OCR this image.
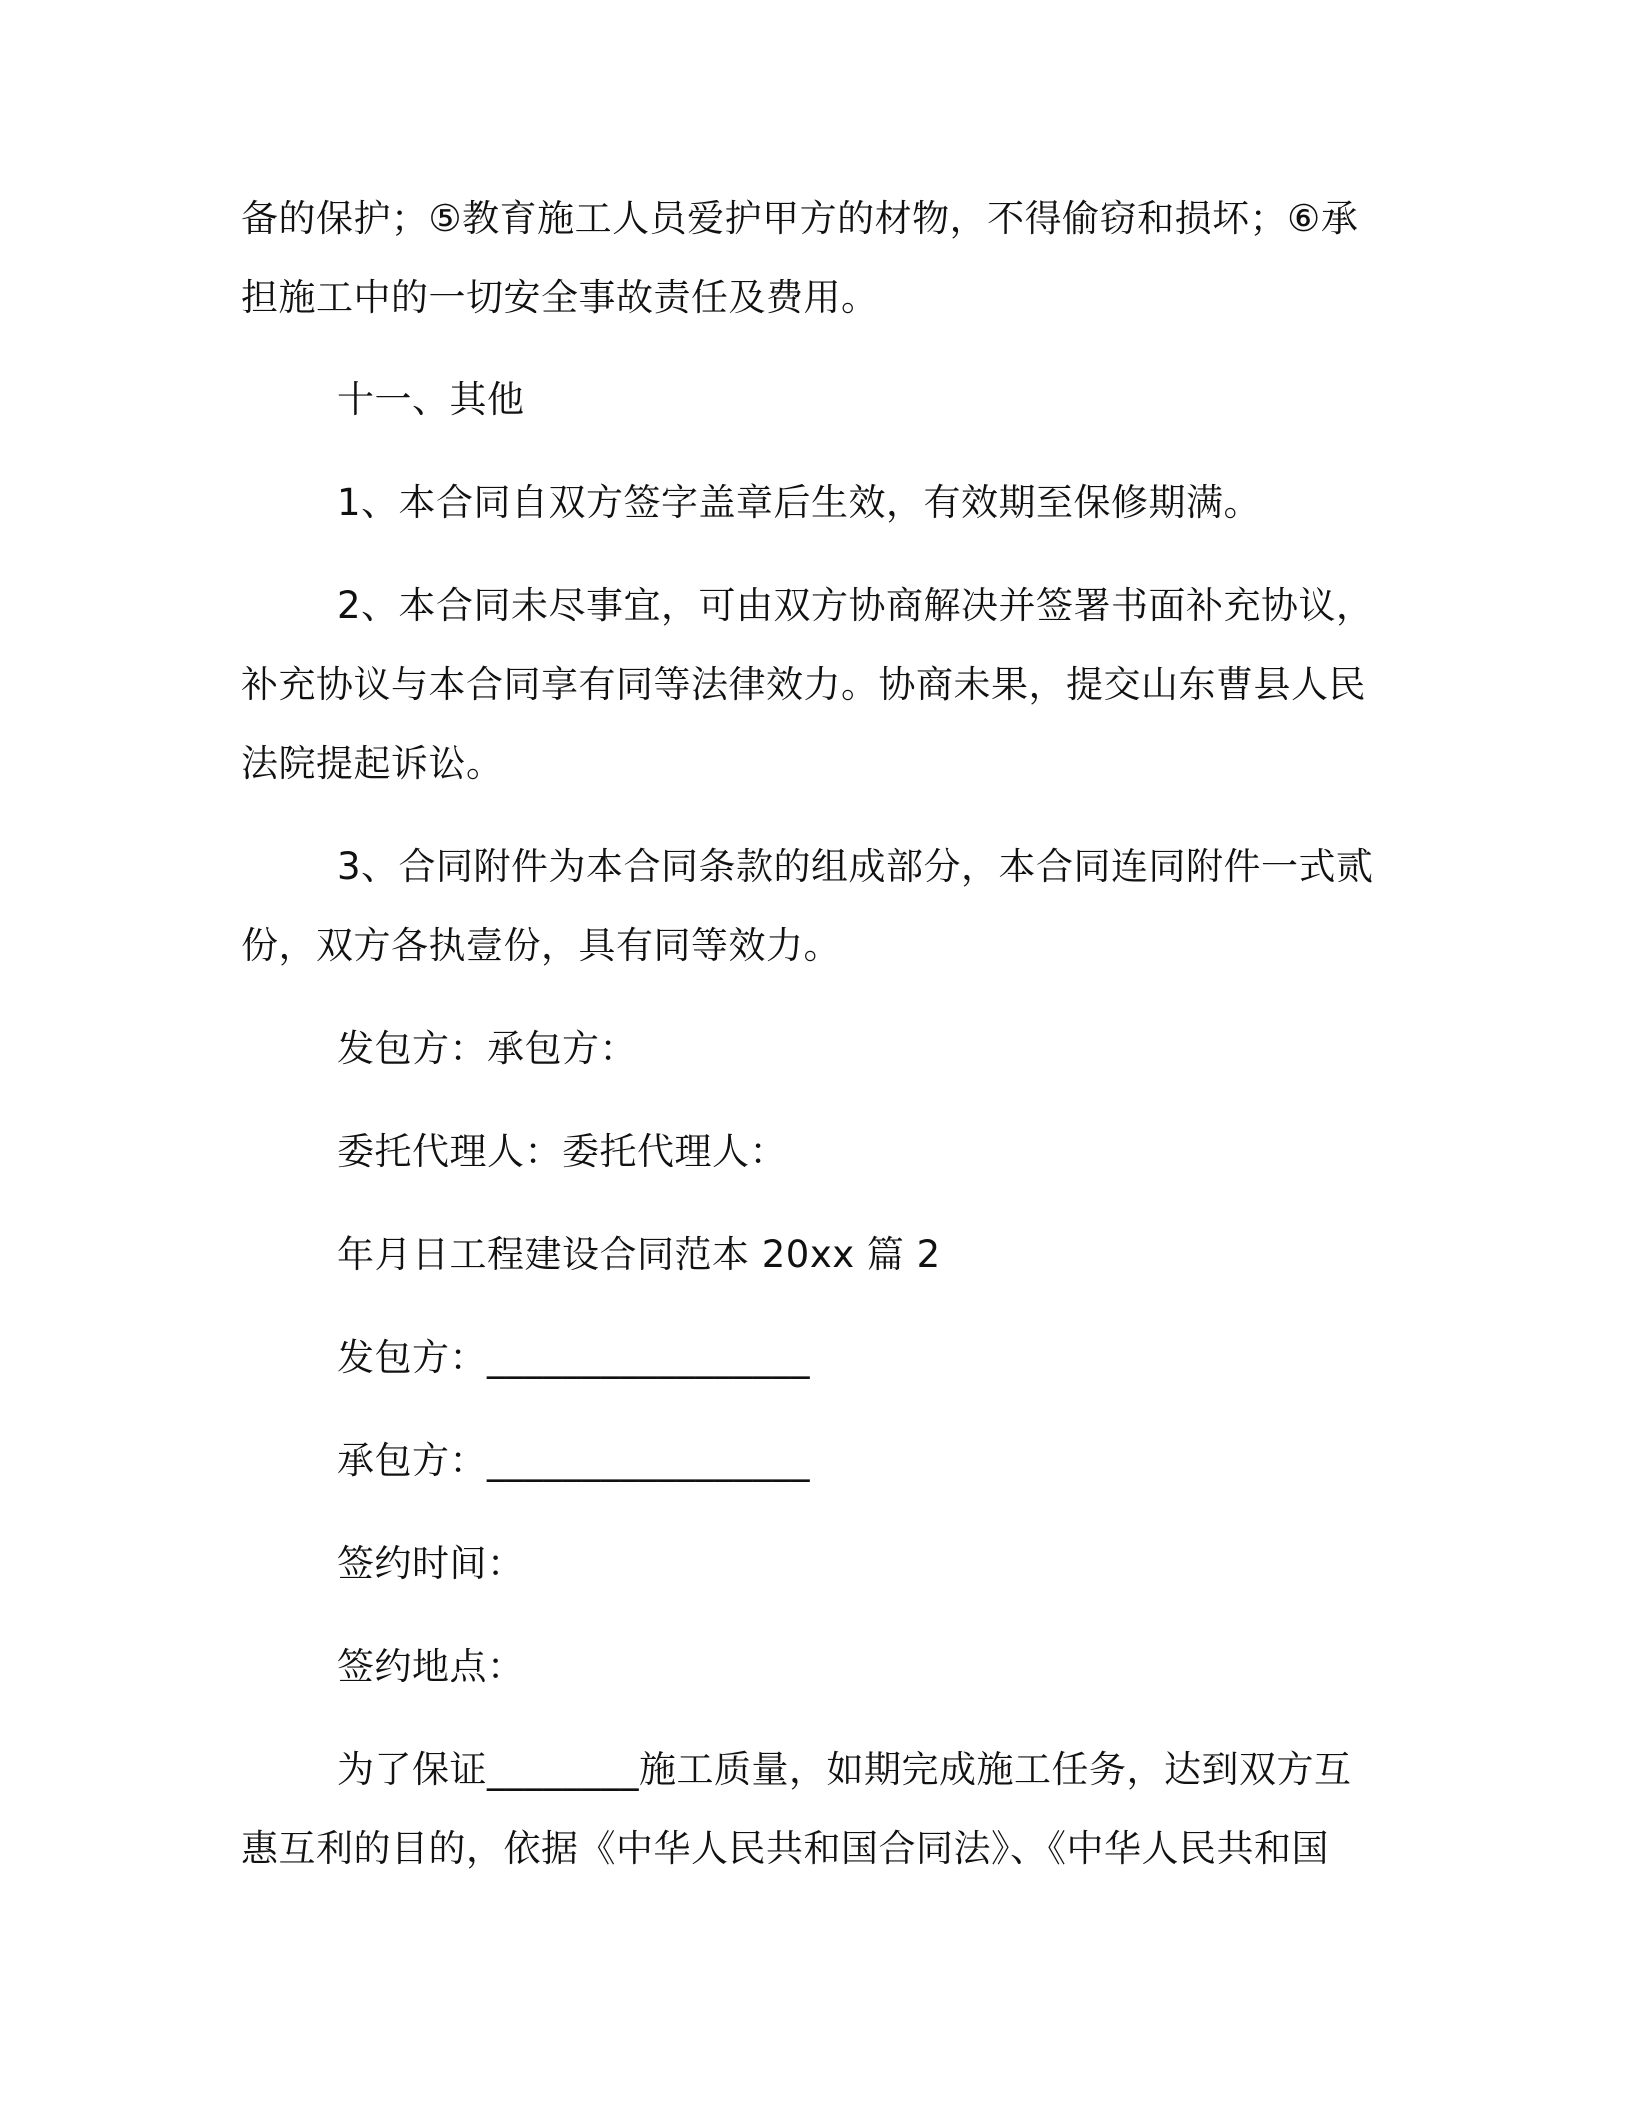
备的保护；⑤教育施工人员爱护甲方的材物，不得偷窃和损坏；⑥承
担施工中的一切安全事故责任及费用。
十一、其他
1、本合同自双方签字盖章后生效，有效期至保修期满。
2、本合同未尽事宜，可由双方协商解决并签署书面补充协议，
补充协议与本合同享有同等法律效力。协商未果，提交山东曹县人民
法院提起诉讼。
3、合同附件为本合同条款的组成部分，本合同连同附件一式贰
份，双方各执壹份，具有同等效力。
发包方：承包方：
委托代理人：委托代理人：
年月日工程建设合同范本 20xx 篇 2
发包方：_________________
承包方：_________________
签约时间：
签约地点：
为了保证________施工质量，如期完成施工任务，达到双方互
惠互利的目的，依据《中华人民共和国合同法》、《中华人民共和国
